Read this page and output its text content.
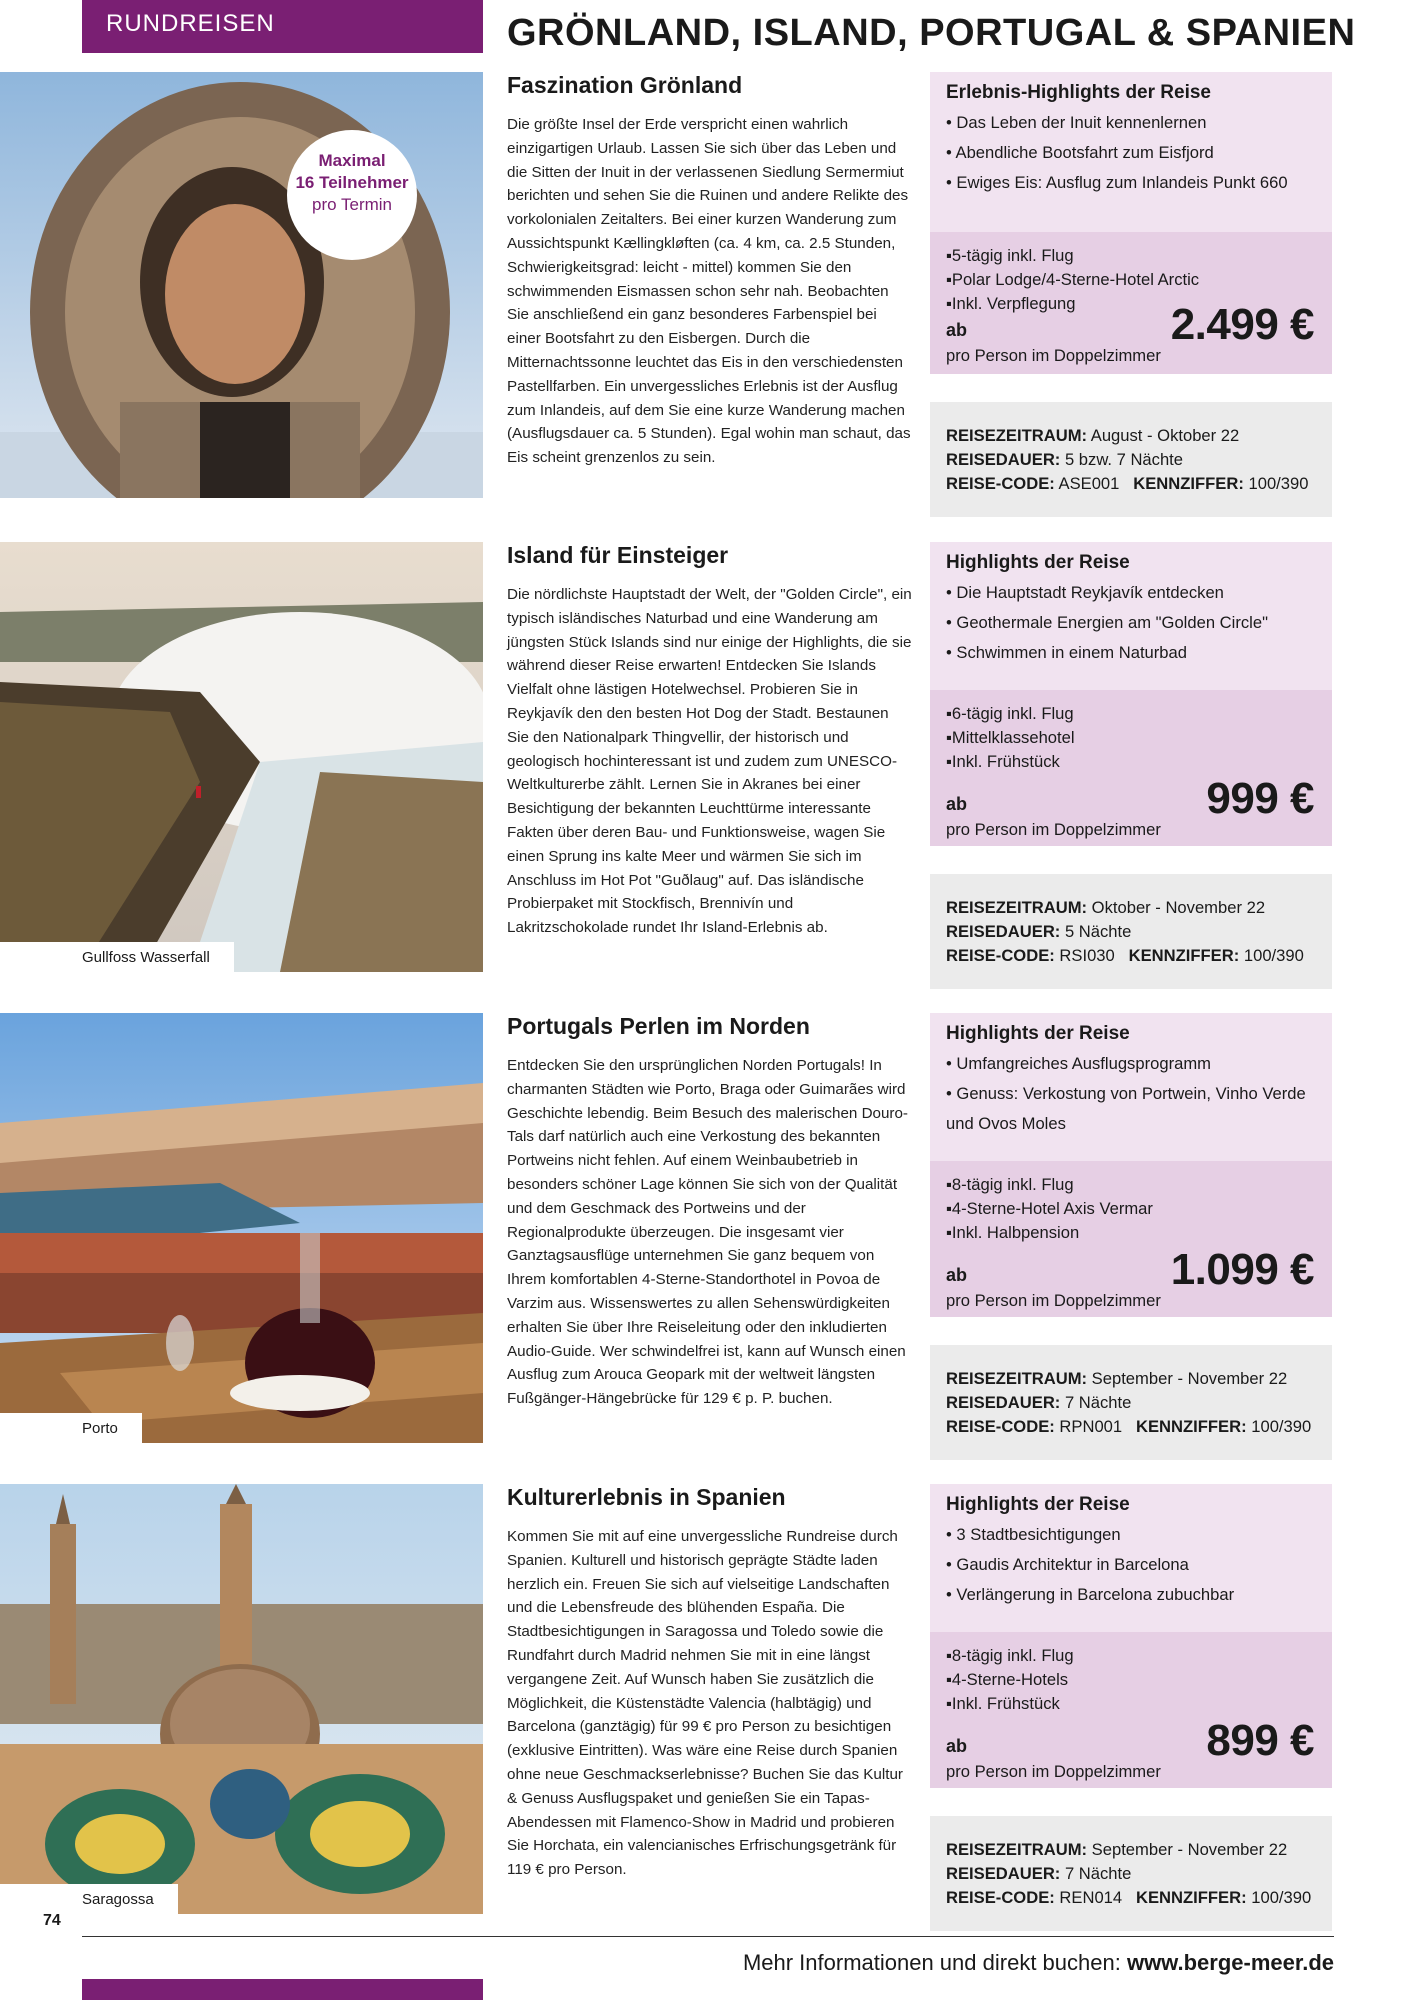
RUNDREISEN	GRÖNLAND, ISLAND, PORTUGAL & SPANIEN
Maximal
16 Teilnehmer
pro Termin
Faszination Grönland

Die größte Insel der Erde verspricht einen wahrlich einzigartigen Urlaub. Lassen Sie sich über das Leben und die Sitten der Inuit in der verlassenen Siedlung Sermermiut berichten und sehen Sie die Ruinen und andere Relikte des vorkolonialen Zeitalters. Bei einer kurzen Wanderung zum Aussichtspunkt Kællingkløften (ca. 4 km, ca. 2.5 Stunden, Schwierigkeitsgrad: leicht - mittel) kommen Sie den schwimmenden Eismassen schon sehr nah. Beobachten Sie anschließend ein ganz besonderes Farbenspiel bei einer Bootsfahrt zu den Eisbergen. Durch die Mitternachtssonne leuchtet das Eis in den verschiedensten Pastellfarben. Ein unvergessliches Erlebnis ist der Ausflug zum Inlandeis, auf dem Sie eine kurze Wanderung machen (Ausflugsdauer ca. 5 Stunden). Egal wohin man schaut, das Eis scheint grenzenlos zu sein.

Erlebnis-Highlights der Reise
• Das Leben der Inuit kennenlernen
• Abendliche Bootsfahrt zum Eisfjord
• Ewiges Eis: Ausflug zum Inlandeis Punkt 660
▪ 5-tägig inkl. Flug
▪ Polar Lodge/4-Sterne-Hotel Arctic
▪ Inkl. Verpflegung
ab	2.499 €
pro Person im Doppelzimmer
REISEZEITRAUM: August - Oktober 22
REISEDAUER: 5 bzw. 7 Nächte
REISE-CODE: ASE001 KENNZIFFER: 100/390
Gullfoss Wasserfall
Island für Einsteiger

Die nördlichste Hauptstadt der Welt, der "Golden Circle", ein typisch isländisches Naturbad und eine Wanderung am jüngsten Stück Islands sind nur einige der Highlights, die sie während dieser Reise erwarten! Entdecken Sie Islands Vielfalt ohne lästigen Hotelwechsel. Probieren Sie in Reykjavík den den besten Hot Dog der Stadt. Bestaunen Sie den Nationalpark Thingvellir, der historisch und geologisch hochinteressant ist und zudem zum UNESCO-Weltkulturerbe zählt. Lernen Sie in Akranes bei einer Besichtigung der bekannten Leuchttürme interessante Fakten über deren Bau- und Funktionsweise, wagen Sie einen Sprung ins kalte Meer und wärmen Sie sich im Anschluss im Hot Pot "Guðlaug" auf. Das isländische Probierpaket mit Stockfisch, Brennivín und Lakritzschokolade rundet Ihr Island-Erlebnis ab.

Highlights der Reise
• Die Hauptstadt Reykjavík entdecken
• Geothermale Energien am "Golden Circle"
• Schwimmen in einem Naturbad
▪ 6-tägig inkl. Flug
▪ Mittelklassehotel
▪ Inkl. Frühstück
ab	999 €
pro Person im Doppelzimmer
REISEZEITRAUM: Oktober - November 22
REISEDAUER: 5 Nächte
REISE-CODE: RSI030 KENNZIFFER: 100/390
Porto
Portugals Perlen im Norden

Entdecken Sie den ursprünglichen Norden Portugals! In charmanten Städten wie Porto, Braga oder Guimarães wird Geschichte lebendig. Beim Besuch des malerischen Douro-Tals darf natürlich auch eine Verkostung des bekannten Portweins nicht fehlen. Auf einem Weinbaubetrieb in besonders schöner Lage können Sie sich von der Qualität und dem Geschmack des Portweins und der Regionalprodukte überzeugen. Die insgesamt vier Ganztagsausflüge unternehmen Sie ganz bequem von Ihrem komfortablen 4-Sterne-Standorthotel in Povoa de Varzim aus. Wissenswertes zu allen Sehenswürdigkeiten erhalten Sie über Ihre Reiseleitung oder den inkludierten Audio-Guide. Wer schwindelfrei ist, kann auf Wunsch einen Ausflug zum Arouca Geopark mit der weltweit längsten Fußgänger-Hängebrücke für 129 € p. P. buchen.

Highlights der Reise
• Umfangreiches Ausflugsprogramm
• Genuss: Verkostung von Portwein, Vinho Verde und Ovos Moles
▪ 8-tägig inkl. Flug
▪ 4-Sterne-Hotel Axis Vermar
▪ Inkl. Halbpension
ab	1.099 €
pro Person im Doppelzimmer
REISEZEITRAUM: September - November 22
REISEDAUER: 7 Nächte
REISE-CODE: RPN001 KENNZIFFER: 100/390
Saragossa
Kulturerlebnis in Spanien

Kommen Sie mit auf eine unvergessliche Rundreise durch Spanien. Kulturell und historisch geprägte Städte laden herzlich ein. Freuen Sie sich auf vielseitige Landschaften und die Lebensfreude des blühenden España. Die Stadtbesichtigungen in Saragossa und Toledo sowie die Rundfahrt durch Madrid nehmen Sie mit in eine längst vergangene Zeit. Auf Wunsch haben Sie zusätzlich die Möglichkeit, die Küstenstädte Valencia (halbtägig) und Barcelona (ganztägig) für 99 € pro Person zu besichtigen (exklusive Eintritten). Was wäre eine Reise durch Spanien ohne neue Geschmackserlebnisse? Buchen Sie das Kultur & Genuss Ausflugspaket und genießen Sie ein Tapas-Abendessen mit Flamenco-Show in Madrid und probieren Sie Horchata, ein valencianisches Erfrischungsgetränk für 119 € pro Person.

Highlights der Reise
• 3 Stadtbesichtigungen
• Gaudis Architektur in Barcelona
• Verlängerung in Barcelona zubuchbar
▪ 8-tägig inkl. Flug
▪ 4-Sterne-Hotels
▪ Inkl. Frühstück
ab	899 €
pro Person im Doppelzimmer
REISEZEITRAUM: September - November 22
REISEDAUER: 7 Nächte
REISE-CODE: REN014 KENNZIFFER: 100/390
74
Mehr Informationen und direkt buchen: www.berge-meer.de
